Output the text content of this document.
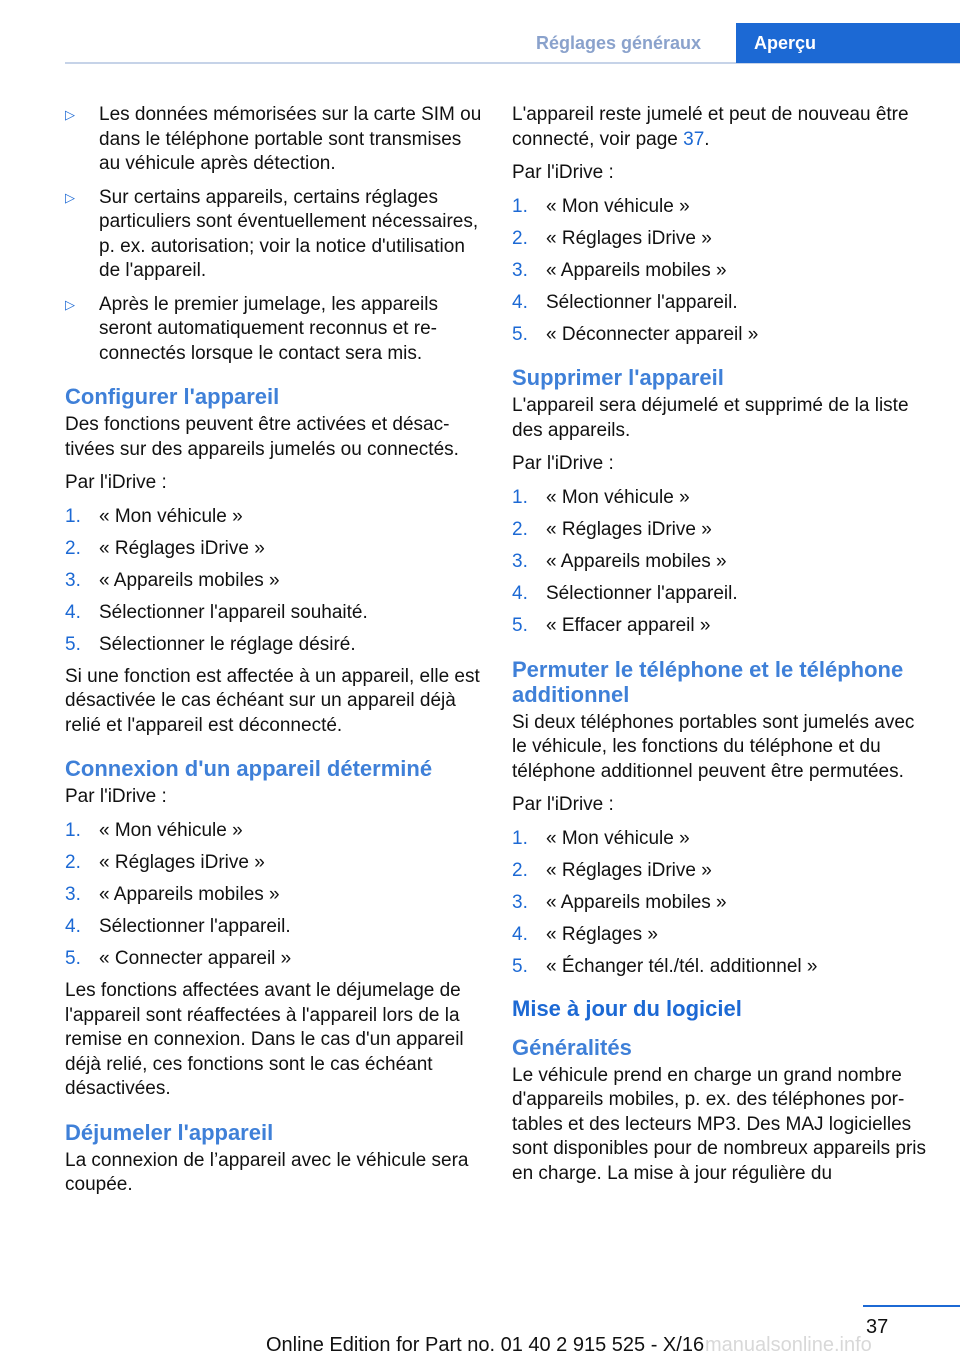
Réglages généraux	Aperçu
▷ Les données mémorisées sur la carte SIM ou dans le téléphone portable sont transmises au véhicule après détection.
▷ Sur certains appareils, certains réglages particuliers sont éventuellement nécessaires, p. ex. autorisation; voir la notice d'utilisation de l'appareil.
▷ Après le premier jumelage, les appareils seront automatiquement reconnus et reconnectés lorsque le contact sera mis.
Configurer l'appareil

Des fonctions peuvent être activées et désactivées sur des appareils jumelés ou connectés.

Par l'iDrive :

1. « Mon véhicule »
2. « Réglages iDrive »
3. « Appareils mobiles »
4. Sélectionner l'appareil souhaité.
5. Sélectionner le réglage désiré.

Si une fonction est affectée à un appareil, elle est désactivée le cas échéant sur un appareil déjà relié et l'appareil est déconnecté.

Connexion d'un appareil déterminé

Par l'iDrive :

1. « Mon véhicule »
2. « Réglages iDrive »
3. « Appareils mobiles »
4. Sélectionner l'appareil.
5. « Connecter appareil »

Les fonctions affectées avant le déjumelage de l'appareil sont réaffectées à l'appareil lors de la remise en connexion. Dans le cas d'un appareil déjà relié, ces fonctions sont le cas échéant désactivées.

Déjumeler l'appareil

La connexion de l’appareil avec le véhicule sera coupée.

L'appareil reste jumelé et peut de nouveau être connecté, voir page 37.

Par l'iDrive :

1. « Mon véhicule »
2. « Réglages iDrive »
3. « Appareils mobiles »
4. Sélectionner l'appareil.
5. « Déconnecter appareil »
Supprimer l'appareil

L'appareil sera déjumelé et supprimé de la liste des appareils.

Par l'iDrive :

1. « Mon véhicule »
2. « Réglages iDrive »
3. « Appareils mobiles »
4. Sélectionner l'appareil.
5. « Effacer appareil »
Permuter le téléphone et le téléphone additionnel

Si deux téléphones portables sont jumelés avec le véhicule, les fonctions du téléphone et du téléphone additionnel peuvent être permutées.

Par l'iDrive :

1. « Mon véhicule »
2. « Réglages iDrive »
3. « Appareils mobiles »
4. « Réglages »
5. « Échanger tél./tél. additionnel »
Mise à jour du logiciel
Généralités

Le véhicule prend en charge un grand nombre d'appareils mobiles, p. ex. des téléphones portables et des lecteurs MP3. Des MAJ logicielles sont disponibles pour de nombreux appareils pris en charge. La mise à jour régulière du

37
Online Edition for Part no. 01 40 2 915 525 - X/16 manualsonline.info
